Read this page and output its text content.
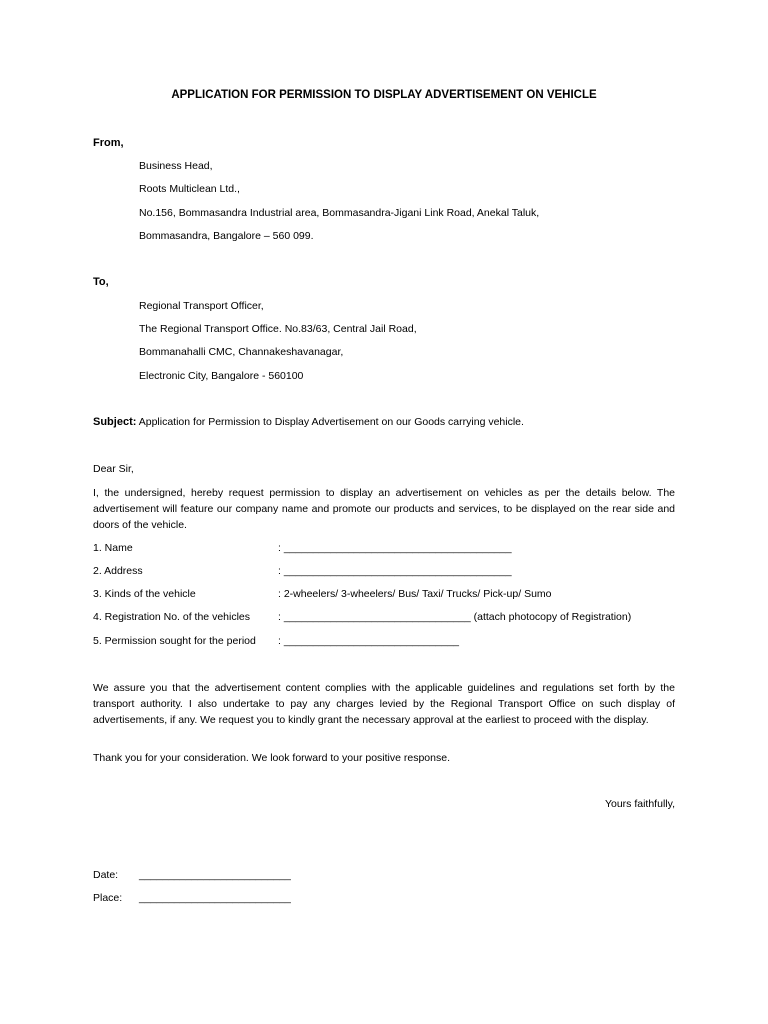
APPLICATION FOR PERMISSION TO DISPLAY ADVERTISEMENT ON VEHICLE
From,
Business Head,
Roots Multiclean Ltd.,
No.156, Bommasandra Industrial area, Bommasandra-Jigani Link Road, Anekal Taluk,
Bommasandra, Bangalore – 560 099.
To,
Regional Transport Officer,
The Regional Transport Office. No.83/63, Central Jail Road,
Bommanahalli CMC, Channakeshavanagar,
Electronic City, Bangalore - 560100
Subject: Application for Permission to Display Advertisement on our Goods carrying vehicle.
Dear Sir,
I, the undersigned, hereby request permission to display an advertisement on vehicles as per the details below. The advertisement will feature our company name and promote our products and services, to be displayed on the rear side and doors of the vehicle.
1. Name	: _______________________________________
2. Address	: _______________________________________
3. Kinds of the vehicle	: 2-wheelers/ 3-wheelers/ Bus/ Taxi/ Trucks/ Pick-up/ Sumo
4. Registration No. of the vehicles	: ________________________________ (attach photocopy of Registration)
5. Permission sought for the period : ______________________________
We assure you that the advertisement content complies with the applicable guidelines and regulations set forth by the transport authority. I also undertake to pay any charges levied by the Regional Transport Office on such display of advertisements, if any. We request you to kindly grant the necessary approval at the earliest to proceed with the display.
Thank you for your consideration. We look forward to your positive response.
Yours faithfully,
Date: __________________________
Place: __________________________
